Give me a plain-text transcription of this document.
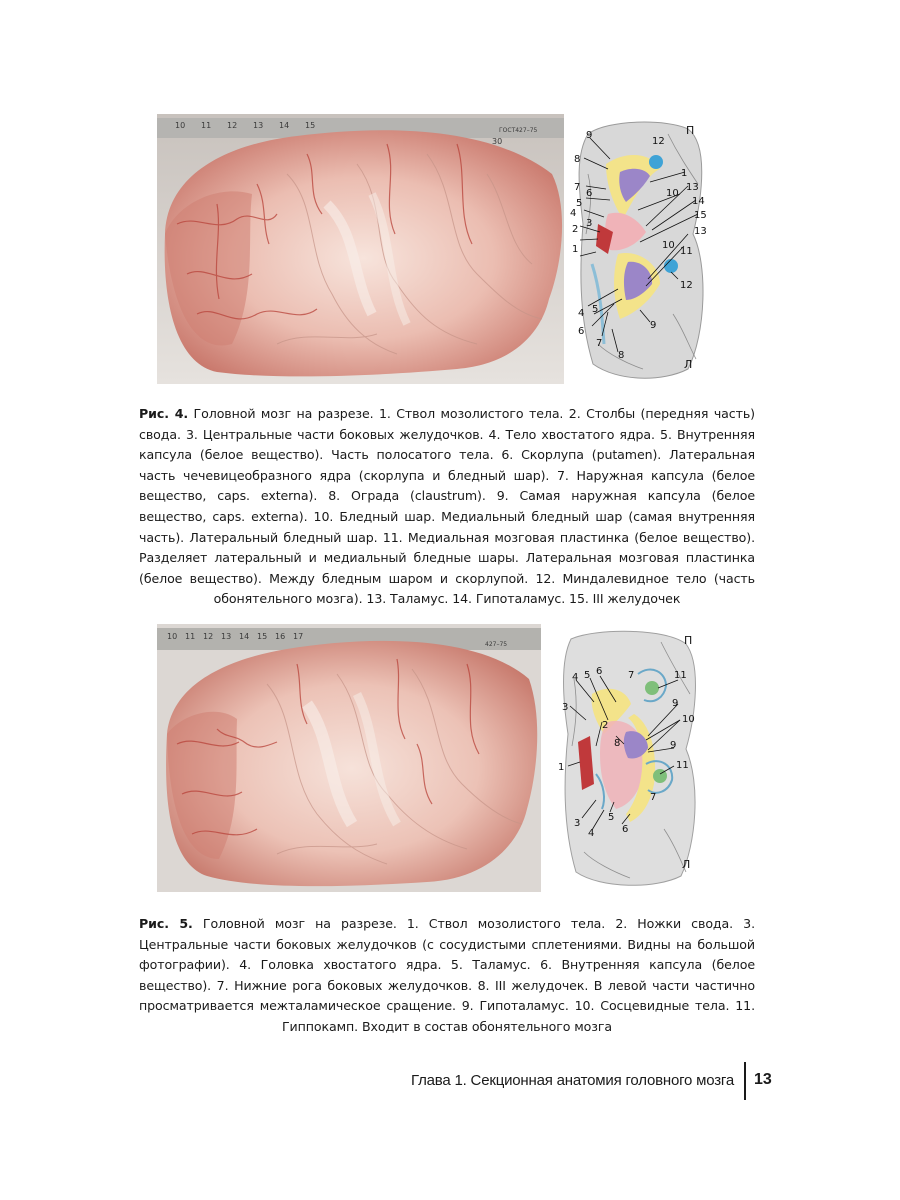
10 11 12 13 14 15
30
ГОСТ427–75	9
8
7
6
5
4
3
2
1
12
1
10
13
14
15
13
10
11
12
4 5
6
7
9
8
П
Л
Рис. 4. Головной мозг на разрезе. 1. Ствол мозолистого тела. 2. Столбы (передняя часть) свода. 3. Центральные части боковых желудочков. 4. Тело хвостатого ядра. 5. Внутренняя капсула (белое вещество). Часть полосатого тела. 6. Скорлупа (putamen). Латеральная часть чечевицеобразного ядра (скорлупа и бледный шар). 7. Наружная капсула (белое вещество, caps. externa). 8. Ограда (claustrum). 9. Самая наружная капсула (белое вещество, caps. externa). 10. Бледный шар. Медиальный бледный шар (самая внутренняя часть). Латеральный бледный шар. 11. Медиальная мозговая пластинка (белое вещество). Разделяет латеральный и медиальный бледные шары. Латеральная мозговая пластинка (белое вещество). Между бледным шаром и скорлупой. 12. Миндалевидное тело (часть обонятельного мозга). 13. Таламус. 14. Гипоталамус. 15. III желудочек
10 11 12 13 14 15 16 17
427–75
4 5 6
3
7	11
9
10
2
8
1
9
11
7
3
4
5
6
П
Л
Рис. 5. Головной мозг на разрезе. 1. Ствол мозолистого тела. 2. Ножки свода. 3. Центральные части боковых желудочков (с сосудистыми сплетениями. Видны на большой фотографии). 4. Головка хвостатого ядра. 5. Таламус. 6. Внутренняя капсула (белое вещество). 7. Нижние рога боковых желудочков. 8. III желудочек. В левой части частично просматривается межталамическое сращение. 9. Гипоталамус. 10. Сосцевидные тела. 11. Гиппокамп. Входит в состав обонятельного мозга
Глава 1. Секционная анатомия головного мозга 13
